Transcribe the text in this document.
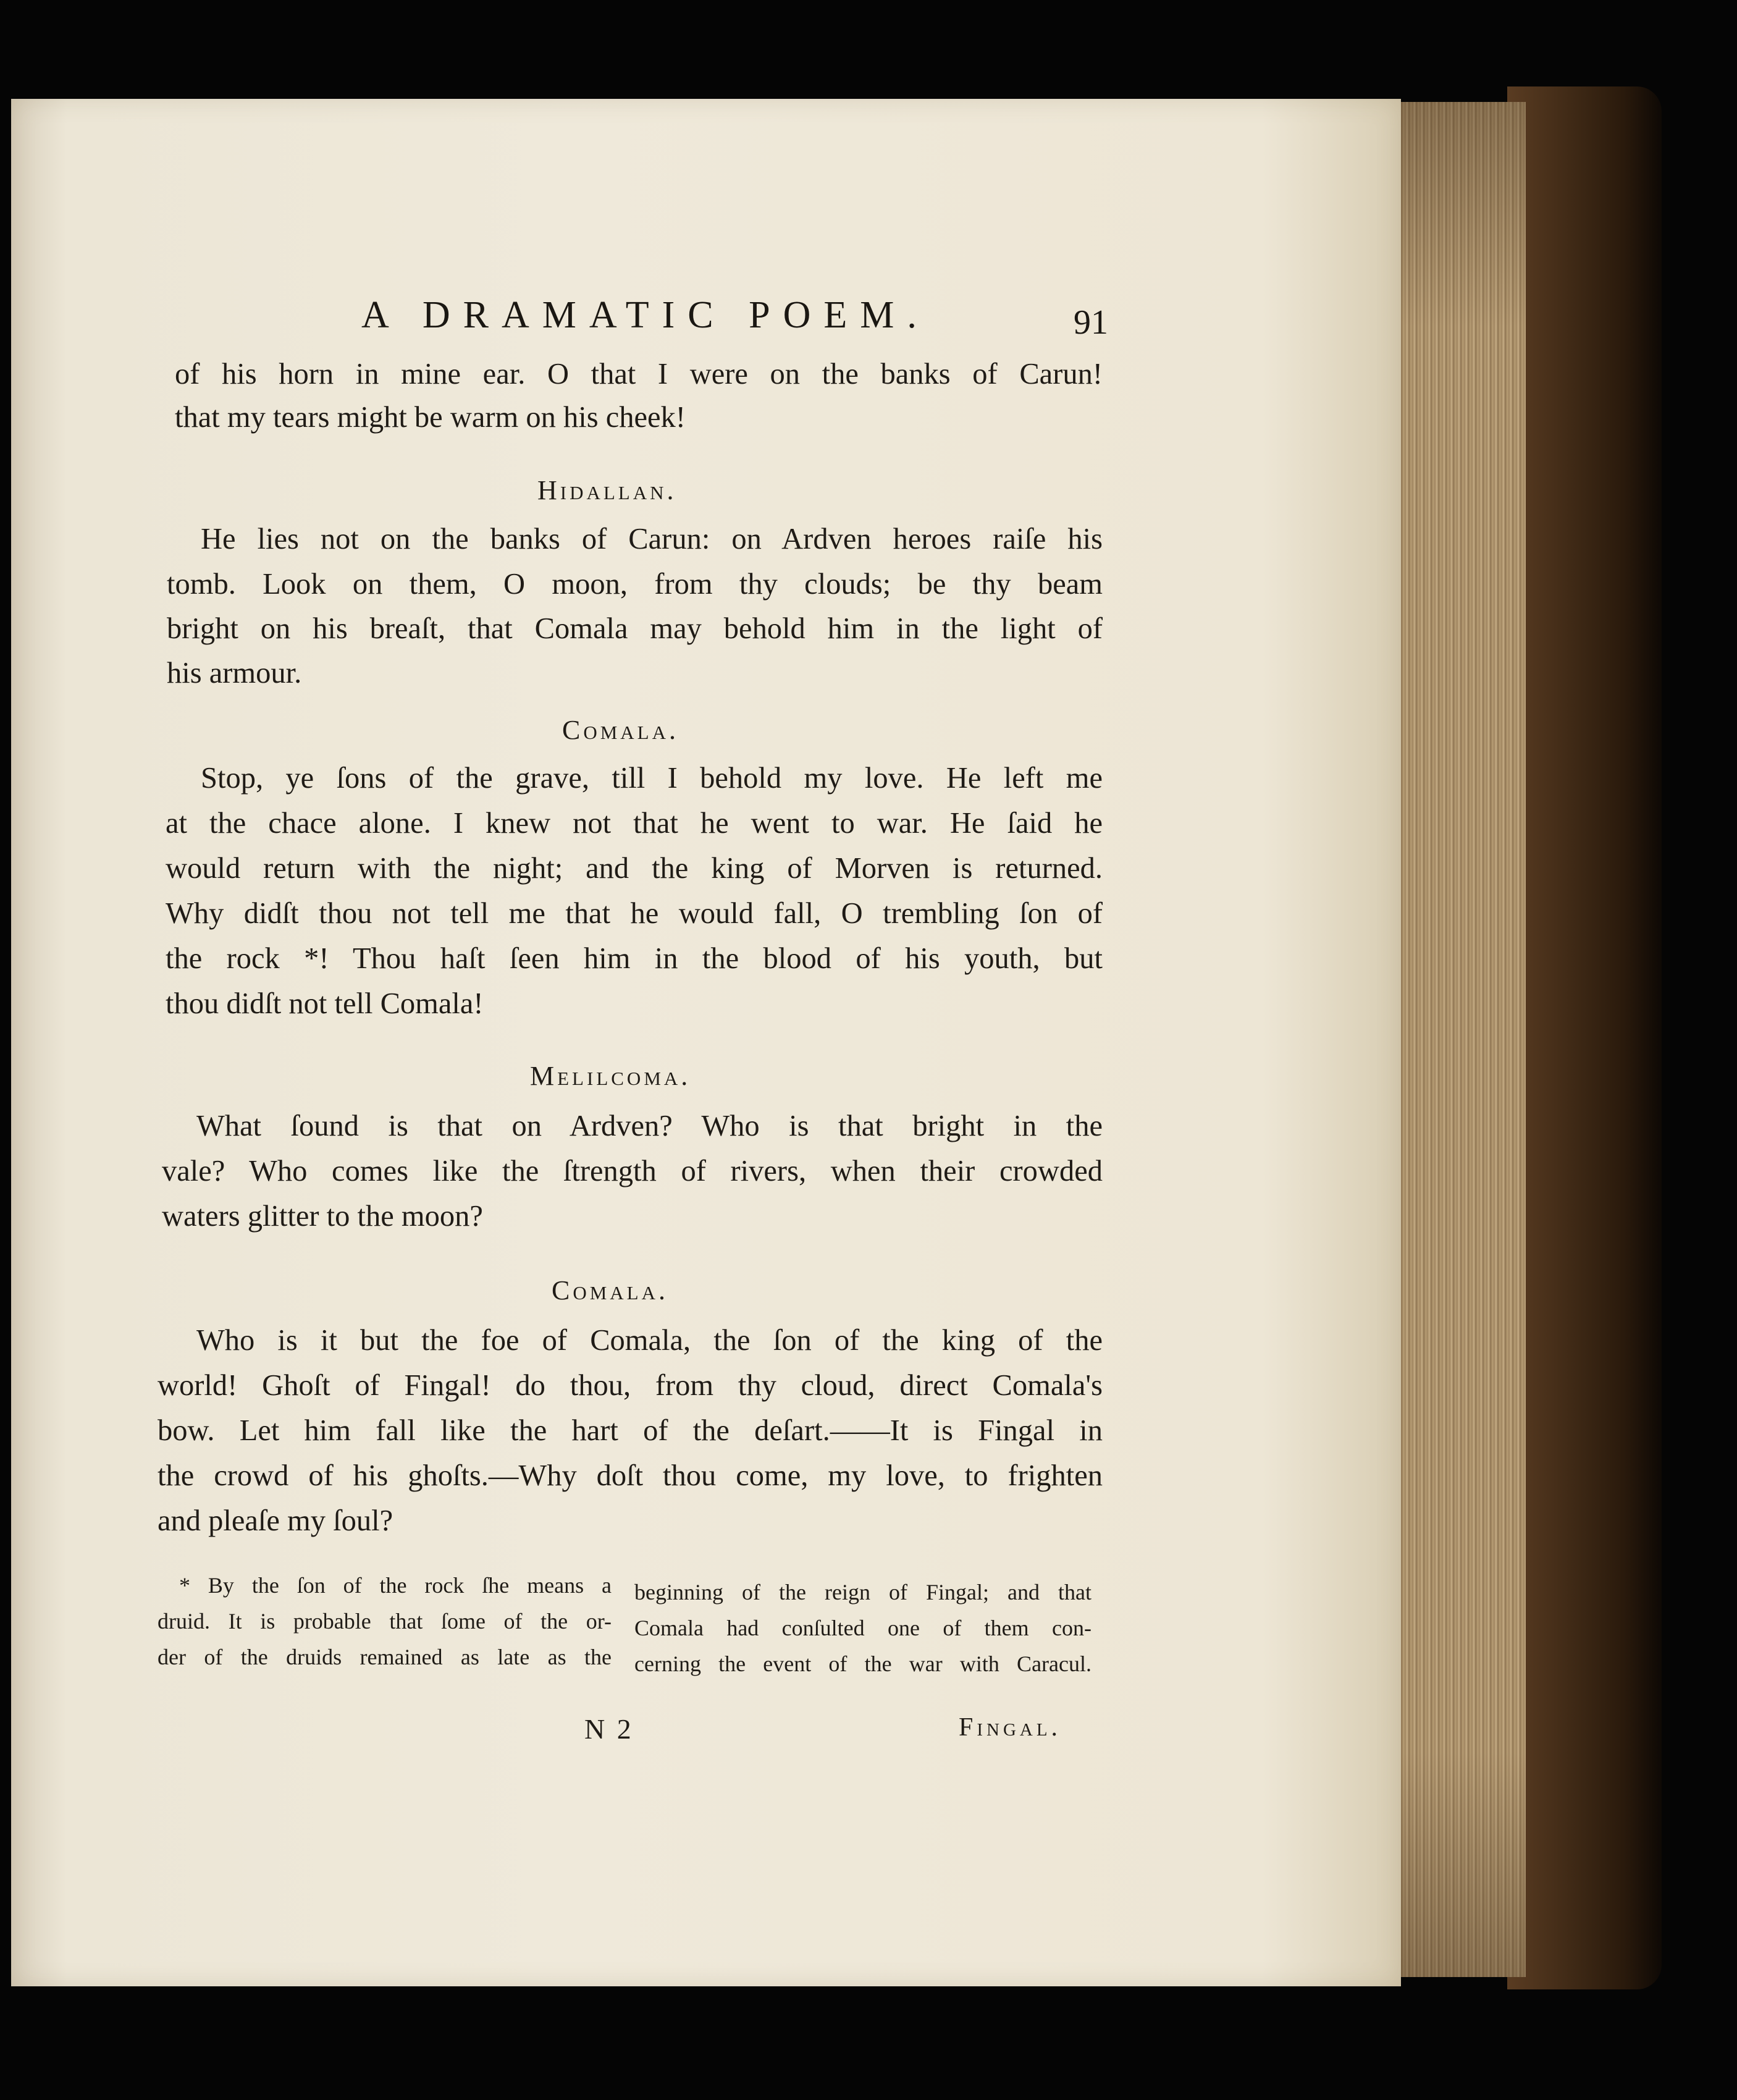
A DRAMATIC POEM.	91
of his horn in mine ear. O that I were on the banks of Carun!
that my tears might be warm on his cheek!
Hidallan.
He lies not on the banks of Carun: on Ardven heroes raiſe his
tomb. Look on them, O moon, from thy clouds; be thy beam
bright on his breaſt, that Comala may behold him in the light of
his armour.
Comala.
Stop, ye ſons of the grave, till I behold my love. He left me
at the chace alone. I knew not that he went to war. He ſaid he
would return with the night; and the king of Morven is returned.
Why didſt thou not tell me that he would fall, O trembling ſon of
the rock *! Thou haſt ſeen him in the blood of his youth, but
thou didſt not tell Comala!
Melilcoma.
What ſound is that on Ardven? Who is that bright in the
vale? Who comes like the ſtrength of rivers, when their crowded
waters glitter to the moon?
Comala.
Who is it but the foe of Comala, the ſon of the king of the
world! Ghoſt of Fingal! do thou, from thy cloud, direct Comala's
bow. Let him fall like the hart of the deſart.——It is Fingal in
the crowd of his ghoſts.—Why doſt thou come, my love, to frighten
and pleaſe my ſoul?
* By the ſon of the rock ſhe means a
druid. It is probable that ſome of the or-
der of the druids remained as late as the
beginning of the reign of Fingal; and that
Comala had conſulted one of them con-
cerning the event of the war with Caracul.
N 2	Fingal.
